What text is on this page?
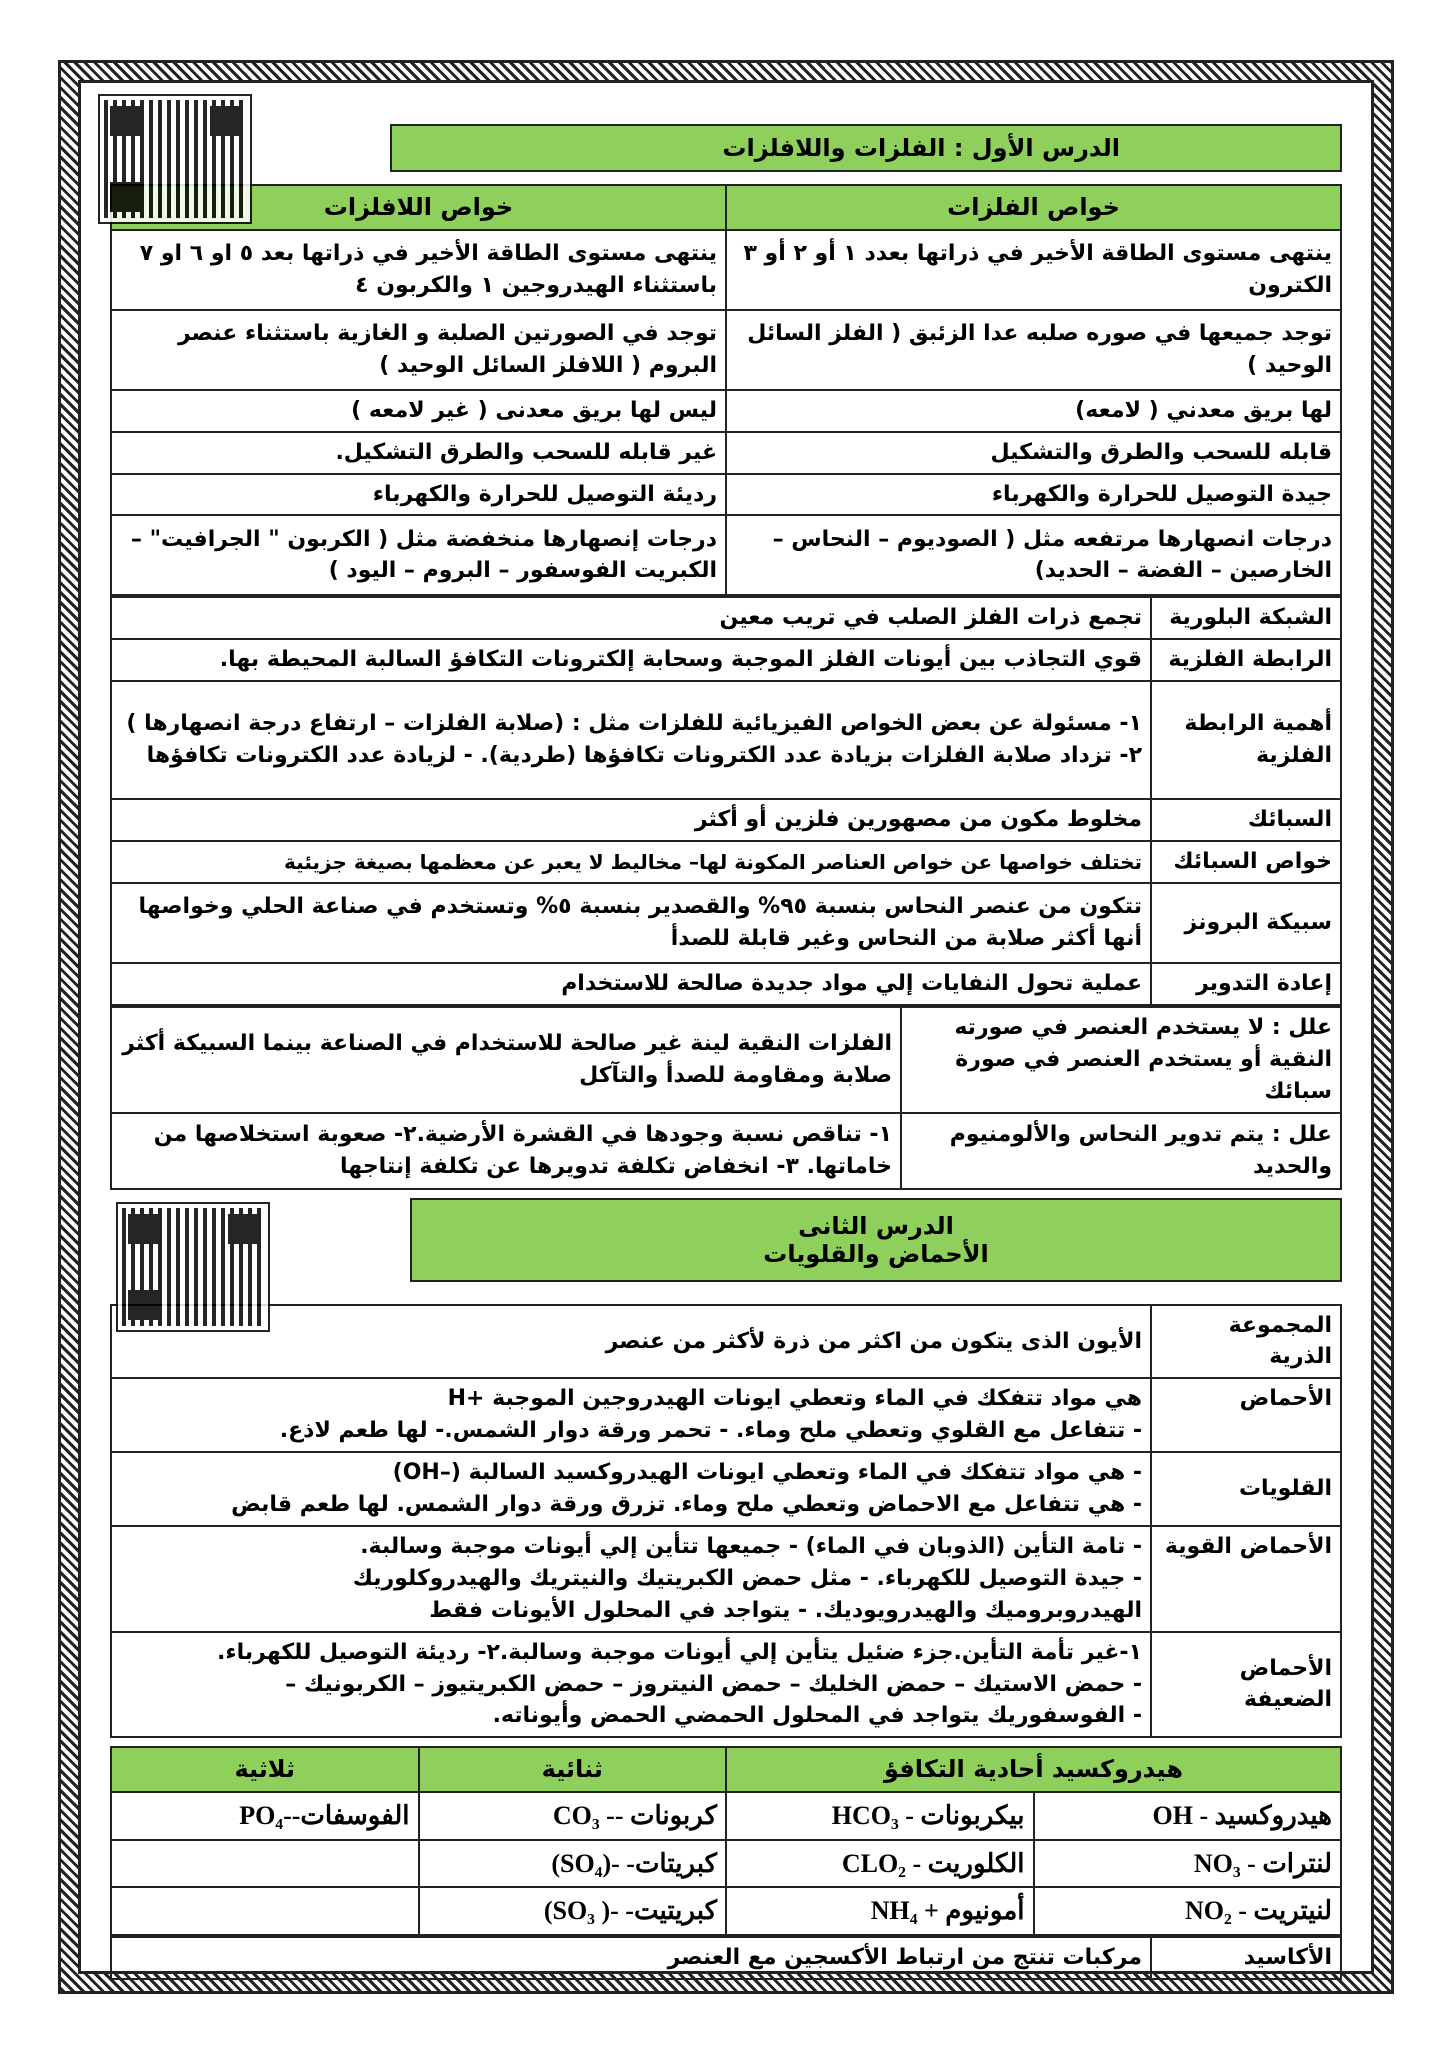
الدرس الأول : الفلزات واللافلزات
خواص الفلزات	خواص اللافلزات
ينتهى مستوى الطاقة الأخير في ذراتها بعدد ١ أو ٢ أو ٣ الكترون	ينتهى مستوى الطاقة الأخير في ذراتها بعد ٥ او ٦ او ٧ باستثناء الهيدروجين ١ والكربون ٤
توجد جميعها في صوره صلبه عدا الزئبق ( الفلز السائل الوحيد )	توجد في الصورتين الصلبة و الغازية باستثناء عنصر البروم ( اللافلز السائل الوحيد )
لها بريق معدني ( لامعه)	ليس لها بريق معدنى ( غير لامعه )
قابله للسحب والطرق والتشكيل	غير قابله للسحب والطرق التشكيل.
جيدة التوصيل للحرارة والكهرباء	رديئة التوصيل للحرارة والكهرباء
درجات انصهارها مرتفعه مثل ( الصوديوم – النحاس – الخارصين – الفضة – الحديد)	درجات إنصهارها منخفضة مثل ( الكربون " الجرافيت" – الكبريت الفوسفور – البروم – اليود )
الشبكة البلورية	تجمع ذرات الفلز الصلب في تريب معين
الرابطة الفلزية	قوي التجاذب بين أيونات الفلز الموجبة وسحابة إلكترونات التكافؤ السالبة المحيطة بها.
أهمية الرابطة الفلزية	١- مسئولة عن بعض الخواص الفيزيائية للفلزات مثل : (صلابة الفلزات – ارتفاع درجة انصهارها ) ٢- تزداد صلابة الفلزات بزيادة عدد الكترونات تكافؤها (طردية). - لزيادة عدد الكترونات تكافؤها
السبائك	مخلوط مكون من مصهورين فلزين أو أكثر
خواص السبائك	تختلف خواصها عن خواص العناصر المكونة لها– مخاليط لا يعبر عن معظمها بصيغة جزيئية
سبيكة البرونز	تتكون من عنصر النحاس بنسبة ٩٥% والقصدير بنسبة ٥% وتستخدم في صناعة الحلي وخواصها أنها أكثر صلابة من النحاس وغير قابلة للصدأ
إعادة التدوير	عملية تحول النفايات إلي مواد جديدة صالحة للاستخدام
علل : لا يستخدم العنصر في صورته النقية أو يستخدم العنصر في صورة سبائك	الفلزات النقية لينة غير صالحة للاستخدام في الصناعة بينما السبيكة أكثر صلابة ومقاومة للصدأ والتآكل
علل : يتم تدوير النحاس والألومنيوم والحديد	١- تناقص نسبة وجودها في القشرة الأرضية.٢- صعوبة استخلاصها من خاماتها. ٣- انخفاض تكلفة تدويرها عن تكلفة إنتاجها
الدرس الثانى
الأحماض والقلويات
المجموعة الذرية	الأيون الذى يتكون من اكثر من ذرة لأكثر من عنصر
الأحماض	هي مواد تتفكك في الماء وتعطي ايونات الهيدروجين الموجبة +H
- تتفاعل مع القلوي وتعطي ملح وماء. - تحمر ورقة دوار الشمس.- لها طعم لاذع.

القلويات	- هي مواد تتفكك في الماء وتعطي ايونات الهيدروكسيد السالبة (–OH)
- هي تتفاعل مع الاحماض وتعطي ملح وماء. تزرق ورقة دوار الشمس. لها طعم قابض

الأحماض القوية	- تامة التأين (الذوبان في الماء) - جميعها تتأين إلي أيونات موجبة وسالبة.
- جيدة التوصيل للكهرباء. - مثل حمض الكبريتيك والنيتريك والهيدروكلوريك
الهيدروبروميك والهيدرويوديك. - يتواجد في المحلول الأيونات فقط

الأحماض الضعيفة	١-غير تأمة التأين.جزء ضئيل يتأين إلي أيونات موجبة وسالبة.٢- رديئة التوصيل للكهرباء.
- حمض الاستيك – حمض الخليك – حمض النيتروز – حمض الكبريتيوز – الكربونيك –
- الفوسفوريك يتواجد في المحلول الحمضي الحمض وأيوناته.
هيدروكسيد أحادية التكافؤ		ثنائية	ثلاثية
هيدروكسيد - OH	بيكربونات - HCO₃	كربونات -- CO₃	الفوسفات--PO₄
لنترات - NO₃	الكلوريت - CLO₂	كبريتات- -(SO₄)	
لنيتريت - NO₂	أمونيوم + NH₄	كبريتيت- -( SO₃)	
الأكاسيد	مركبات تنتج من ارتباط الأكسجين مع العنصر
